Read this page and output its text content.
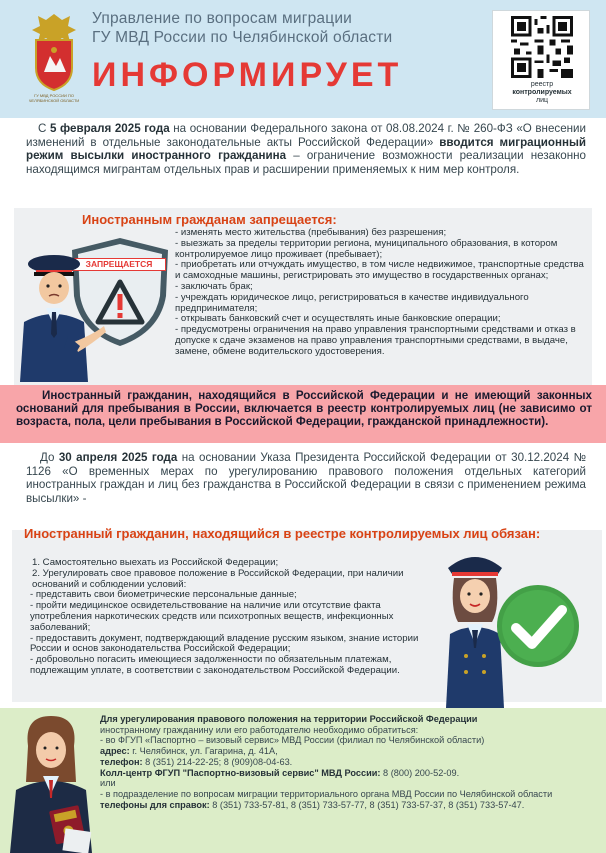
ГУ МВД РОССИИ ПО ЧЕЛЯБИНСКОЙ ОБЛАСТИ
Управление по вопросам миграции
ГУ МВД России по Челябинской области
ИНФОРМИРУЕТ	реестр
контролируемых
лиц
С 5 февраля 2025 года на основании Федерального закона от 08.08.2024 г. № 260-ФЗ «О внесении изменений в отдельные законодательные акты Российской Федерации» вводится миграционный режим высылки иностранного гражданина – ограничение возможности реализации незаконно находящимся мигрантам отдельных прав и расширении применяемых к ним мер контроля.
Иностранным гражданам запрещается:
ЗАПРЕЩАЕТСЯ
- изменять место жительства (пребывания) без разрешения;
- выезжать за пределы территории региона, муниципального образования, в котором контролируемое лицо проживает (пребывает);
- приобретать или отчуждать имущество, в том числе недвижимое, транспортные средства и самоходные машины, регистрировать это имущество в государственных органах;
- заключать брак;
- учреждать юридическое лицо, регистрироваться в качестве индивидуального предпринимателя;
- открывать банковский счет и осуществлять иные банковские операции;
- предусмотрены ограничения на право управления транспортными средствами и отказ в допуске к сдаче экзаменов на право управления транспортными средствами, в выдаче, замене, обмене водительского удостоверения.
Иностранный гражданин, находящийся в Российской Федерации и не имеющий законных оснований для пребывания в России, включается в реестр контролируемых лиц (не зависимо от возраста, пола, цели пребывания в Российской Федерации, гражданской принадлежности).
До 30 апреля 2025 года на основании Указа Президента Российской Федерации от 30.12.2024 № 1126 «О временных мерах по урегулированию правового положения отдельных категорий иностранных граждан и лиц без гражданства в Российской Федерации в связи с применением режима высылки» -
Иностранный гражданин, находящийся в реестре контролируемых лиц обязан:
1. Самостоятельно выехать из Российской Федерации;
2. Урегулировать свое правовое положение в Российской Федерации, при наличии оснований и соблюдении условий:
- представить свои биометрические персональные данные;
- пройти медицинское освидетельствование на наличие или отсутствие факта употребления наркотических средств или психотропных веществ, инфекционных заболеваний;
- предоставить документ, подтверждающий владение русским языком, знание истории России и основ законодательства Российской Федерации;
- добровольно погасить имеющиеся задолженности по обязательным платежам, подлежащим уплате, в соответствии с законодательством Российской Федерации.
Для урегулирования правового положения на территории Российской Федерации
иностранному гражданину или его работодателю необходимо обратиться:
- во ФГУП «Паспортно – визовый сервис» МВД России (филиал по Челябинской области)
адрес: г. Челябинск, ул. Гагарина, д. 41А,
телефон: 8 (351) 214-22-25; 8 (909)08-04-63.
Колл-центр ФГУП "Паспортно-визовый сервис" МВД России: 8 (800) 200-52-09.
или
- в подразделение по вопросам миграции территориального органа МВД России по Челябинской области
телефоны для справок: 8 (351) 733-57-81, 8 (351) 733-57-77, 8 (351) 733-57-37, 8 (351) 733-57-47.
